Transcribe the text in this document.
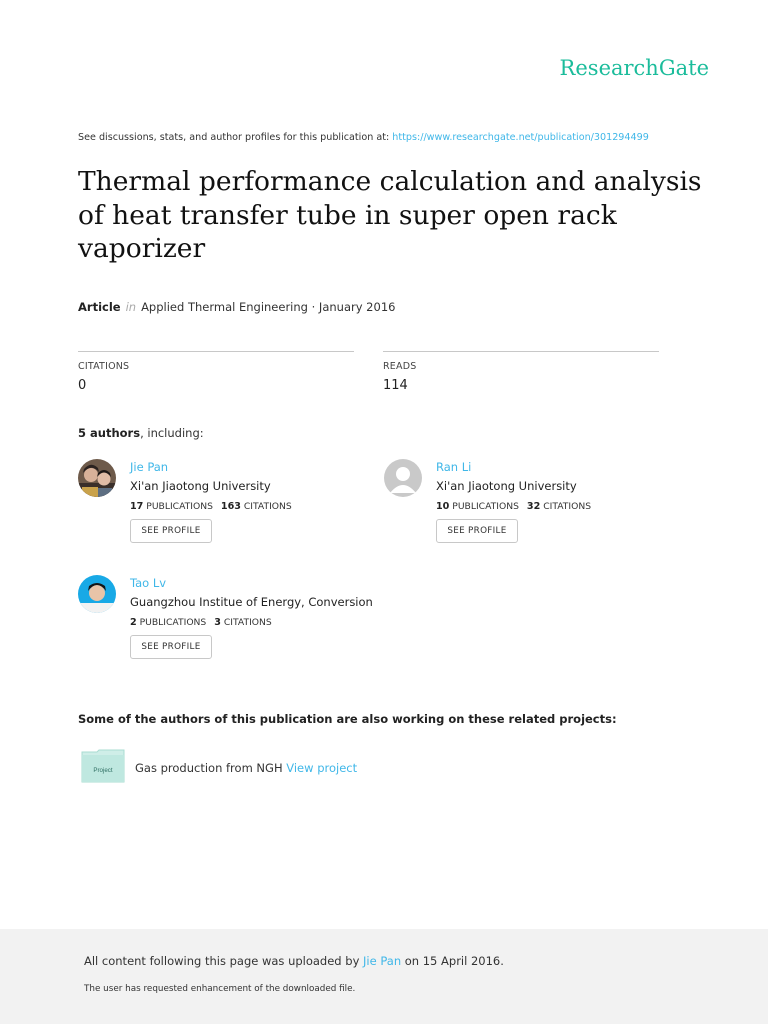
ResearchGate
See discussions, stats, and author profiles for this publication at: https://www.researchgate.net/publication/301294499
Thermal performance calculation and analysis
of heat transfer tube in super open rack
vaporizer
Article in Applied Thermal Engineering · January 2016
CITATIONS
0
READS
114
5 authors, including:
Jie Pan
Xi'an Jiaotong University
17 PUBLICATIONS 163 CITATIONS
SEE PROFILE
Ran Li
Xi'an Jiaotong University
10 PUBLICATIONS 32 CITATIONS
SEE PROFILE
Tao Lv
Guangzhou Institue of Energy, Conversion
2 PUBLICATIONS 3 CITATIONS
SEE PROFILE
Some of the authors of this publication are also working on these related projects:
Project Gas production from NGH View project
All content following this page was uploaded by Jie Pan on 15 April 2016.
The user has requested enhancement of the downloaded file.
